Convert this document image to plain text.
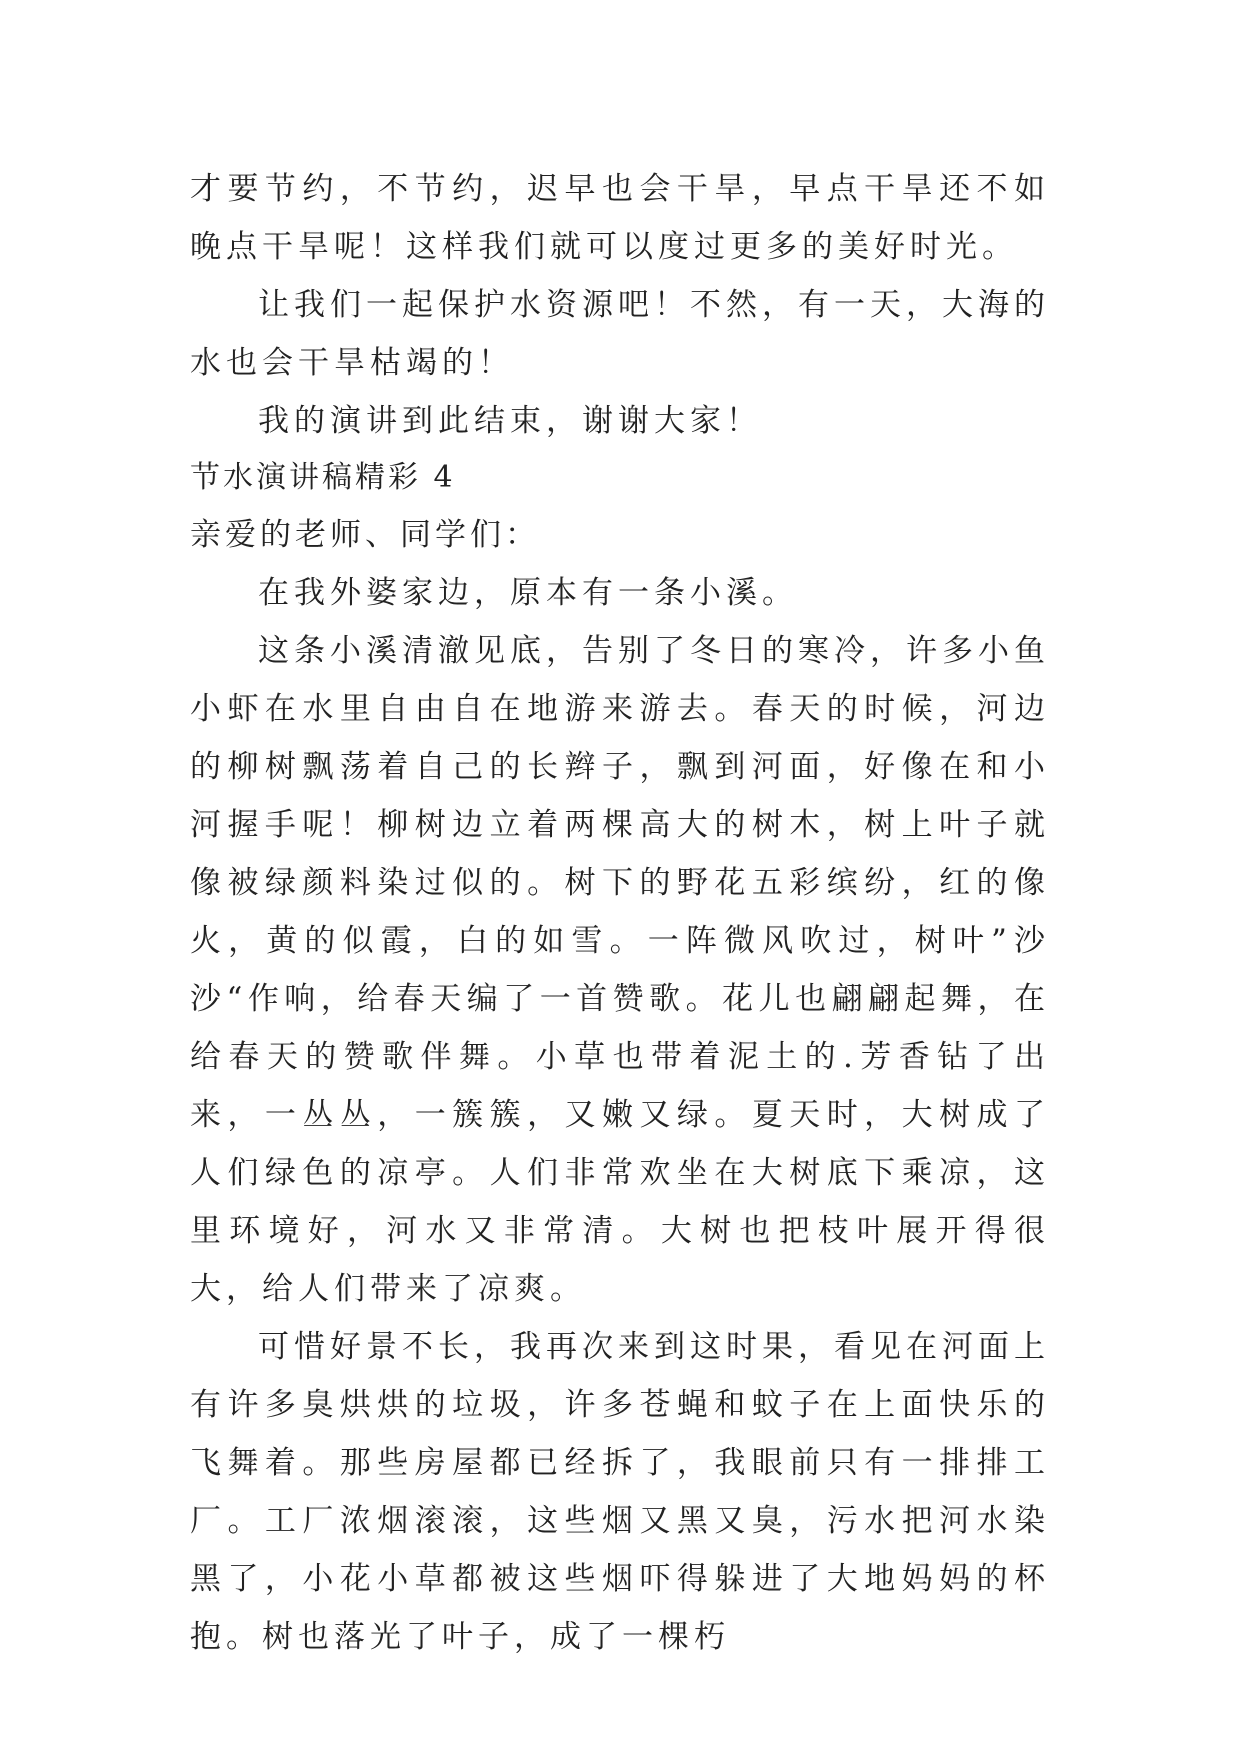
才要节约，不节约，迟早也会干旱，早点干旱还不如晚点干旱呢！这样我们就可以度过更多的美好时光。

让我们一起保护水资源吧！不然，有一天，大海的水也会干旱枯竭的！

我的演讲到此结束，谢谢大家！

节水演讲稿精彩 4

亲爱的老师、同学们：

在我外婆家边，原本有一条小溪。

这条小溪清澈见底，告别了冬日的寒冷，许多小鱼小虾在水里自由自在地游来游去。春天的时候，河边的柳树飘荡着自己的长辫子，飘到河面，好像在和小河握手呢！柳树边立着两棵高大的树木，树上叶子就像被绿颜料染过似的。树下的野花五彩缤纷，红的像火，黄的似霞，白的如雪。一阵微风吹过，树叶”沙沙“作响，给春天编了一首赞歌。花儿也翩翩起舞，在给春天的赞歌伴舞。小草也带着泥土的.芳香钻了出来，一丛丛，一簇簇，又嫩又绿。夏天时，大树成了人们绿色的凉亭。人们非常欢坐在大树底下乘凉，这里环境好，河水又非常清。大树也把枝叶展开得很大，给人们带来了凉爽。

可惜好景不长，我再次来到这时果，看见在河面上有许多臭烘烘的垃圾，许多苍蝇和蚊子在上面快乐的飞舞着。那些房屋都已经拆了，我眼前只有一排排工厂。工厂浓烟滚滚，这些烟又黑又臭，污水把河水染黑了，小花小草都被这些烟吓得躲进了大地妈妈的杯抱。树也落光了叶子，成了一棵朽
